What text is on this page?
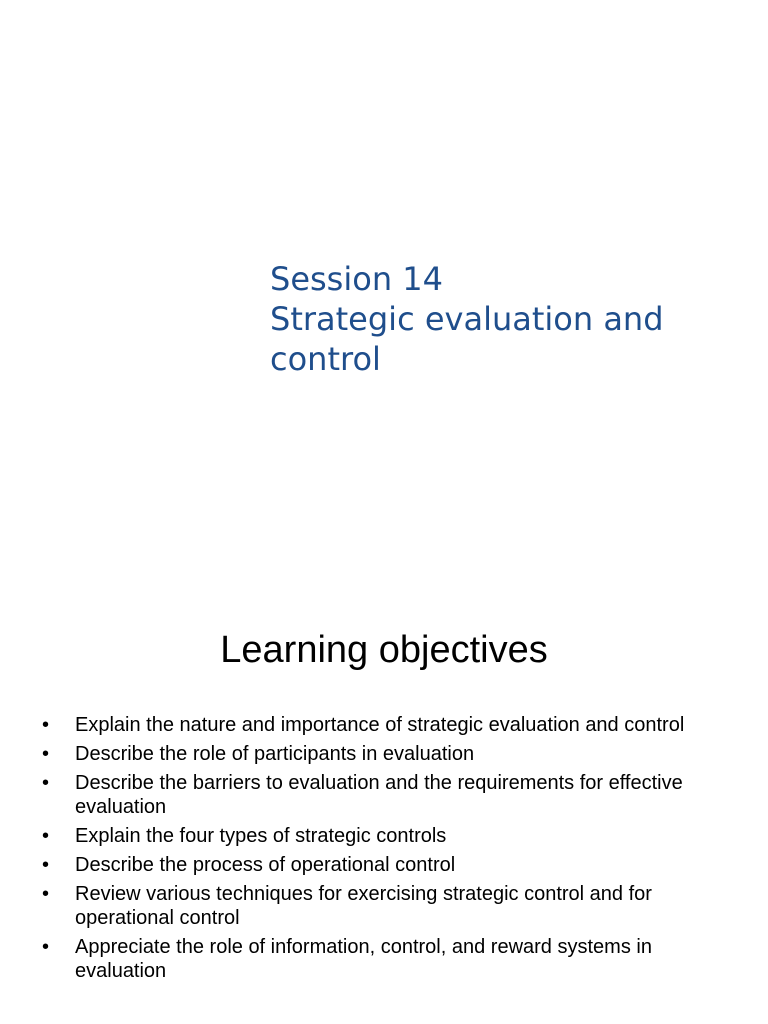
Session 14
Strategic evaluation and
control
Learning objectives
•	Explain the nature and importance of strategic evaluation and control
•	Describe the role of participants in evaluation
•	Describe the barriers to evaluation and the requirements for effective evaluation
•	Explain the four types of strategic controls
•	Describe the process of operational control
•	Review various techniques for exercising strategic control and for operational control
•	Appreciate the role of information, control, and reward systems in evaluation
